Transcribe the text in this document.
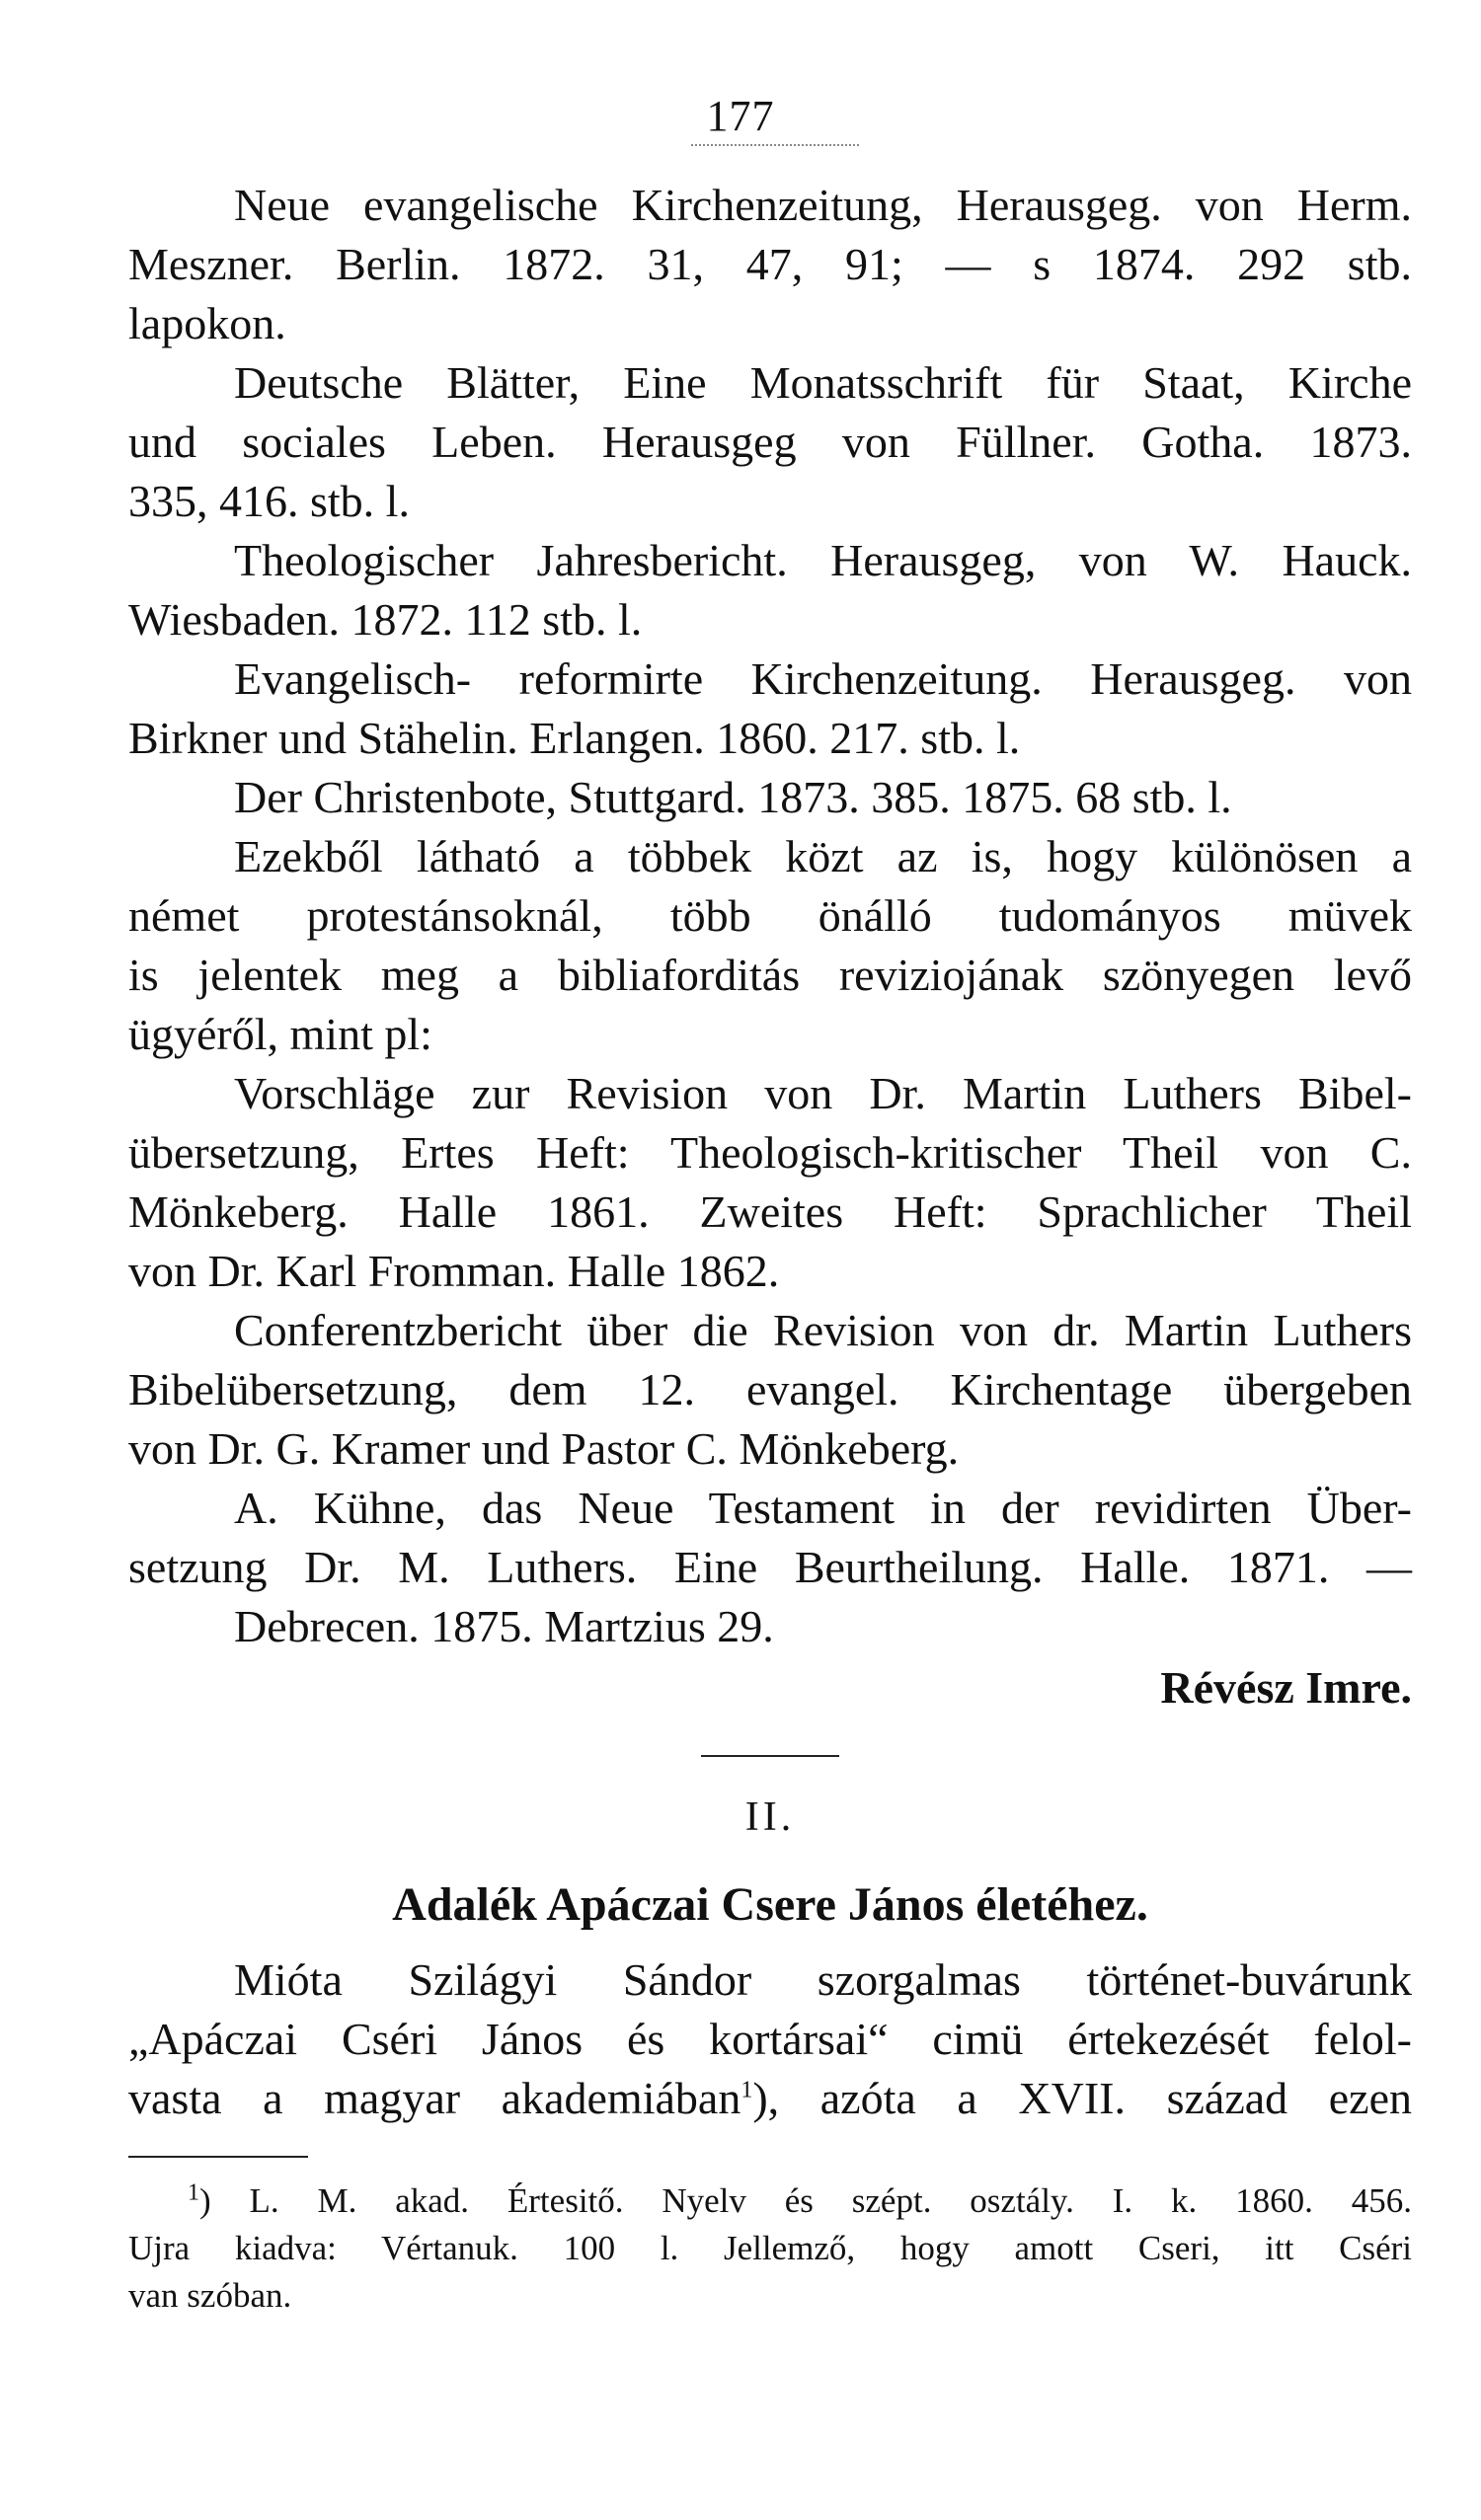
177
Neue evangelische Kirchenzeitung, Herausgeg. von Herm.
Meszner. Berlin. 1872. 31, 47, 91; — s 1874. 292 stb.
lapokon.
Deutsche Blätter, Eine Monatsschrift für Staat, Kirche
und sociales Leben. Herausgeg von Füllner. Gotha. 1873.
335, 416. stb. l.
Theologischer Jahresbericht. Herausgeg, von W. Hauck.
Wiesbaden. 1872. 112 stb. l.
Evangelisch- reformirte Kirchenzeitung. Herausgeg. von
Birkner und Stähelin. Erlangen. 1860. 217. stb. l.
Der Christenbote, Stuttgard. 1873. 385. 1875. 68 stb. l.
Ezekből látható a többek közt az is, hogy különösen a
német protestánsoknál, több önálló tudományos müvek
is jelentek meg a bibliaforditás reviziojának szönyegen levő
ügyéről, mint pl:
Vorschläge zur Revision von Dr. Martin Luthers Bibel-
übersetzung, Ertes Heft: Theologisch-kritischer Theil von C.
Mönkeberg. Halle 1861. Zweites Heft: Sprachlicher Theil
von Dr. Karl Fromman. Halle 1862.
Conferentzbericht über die Revision von dr. Martin Luthers
Bibelübersetzung, dem 12. evangel. Kirchentage übergeben
von Dr. G. Kramer und Pastor C. Mönkeberg.
A. Kühne, das Neue Testament in der revidirten Über-
setzung Dr. M. Luthers. Eine Beurtheilung. Halle. 1871. —
Debrecen. 1875. Martzius 29.
Révész Imre.
II.
Adalék Apáczai Csere János életéhez.
Mióta Szilágyi Sándor szorgalmas történet-buvárunk
„Apáczai Cséri János és kortársai“ cimü értekezését felol-
vasta a magyar akademiában$^1$), azóta a XVII. század ezen
$^1$) L. M. akad. Értesitő. Nyelv és szépt. osztály. I. k. 1860. 456.
Ujra kiadva: Vértanuk. 100 l. Jellemző, hogy amott Cseri, itt Cséri
van szóban.
